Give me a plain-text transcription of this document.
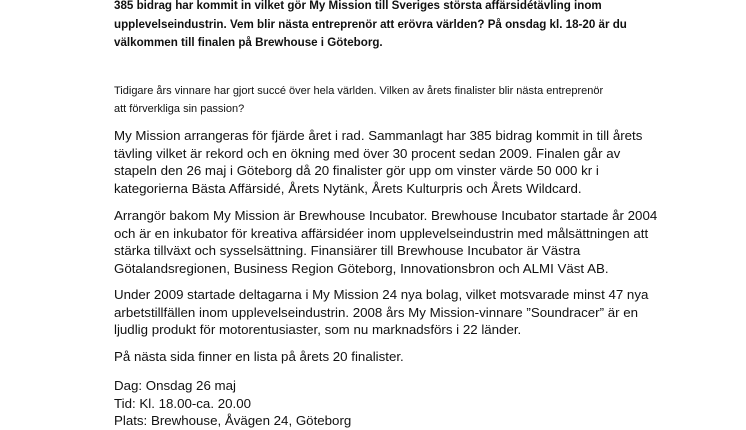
385 bidrag har kommit in vilket gör My Mission till Sveriges största affärsidétävling inom
upplevelseindustrin. Vem blir nästa entreprenör att erövra världen? På onsdag kl. 18-20 är du
välkommen till finalen på Brewhouse i Göteborg.

Tidigare års vinnare har gjort succé över hela världen. Vilken av årets finalister blir nästa entreprenör
att förverkliga sin passion?

My Mission arrangeras för fjärde året i rad. Sammanlagt har 385 bidrag kommit in till årets
tävling vilket är rekord och en ökning med över 30 procent sedan 2009. Finalen går av
stapeln den 26 maj i Göteborg då 20 finalister gör upp om vinster värde 50 000 kr i
kategorierna Bästa Affärsidé, Årets Nytänk, Årets Kulturpris och Årets Wildcard.

Arrangör bakom My Mission är Brewhouse Incubator. Brewhouse Incubator startade år 2004
och är en inkubator för kreativa affärsidéer inom upplevelseindustrin med målsättningen att
stärka tillväxt och sysselsättning. Finansiärer till Brewhouse Incubator är Västra
Götalandsregionen, Business Region Göteborg, Innovationsbron och ALMI Väst AB.

Under 2009 startade deltagarna i My Mission 24 nya bolag, vilket motsvarade minst 47 nya
arbetstillfällen inom upplevelseindustrin. 2008 års My Mission-vinnare ”Soundracer” är en
ljudlig produkt för motorentusiaster, som nu marknadsförs i 22 länder.

På nästa sida finner en lista på årets 20 finalister.

Dag: Onsdag 26 maj
Tid: Kl. 18.00-ca. 20.00
Plats: Brewhouse, Åvägen 24, Göteborg
